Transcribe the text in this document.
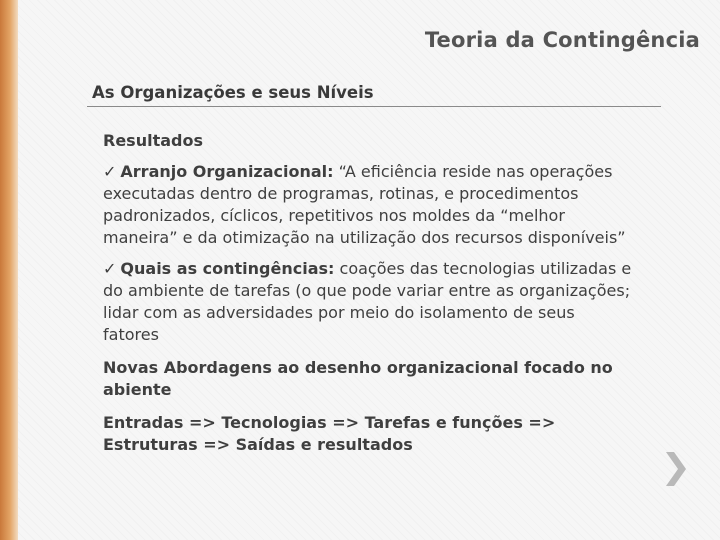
Teoria da Contingência
As Organizações e seus Níveis

Resultados

✓ Arranjo Organizacional: “A eficiência reside nas operações executadas dentro de programas, rotinas, e procedimentos padronizados, cíclicos, repetitivos nos moldes da “melhor maneira” e da otimização na utilização dos recursos disponíveis”

✓ Quais as contingências: coações das tecnologias utilizadas e do ambiente de tarefas (o que pode variar entre as organizações; lidar com as adversidades por meio do isolamento de seus fatores

Novas Abordagens ao desenho organizacional focado no abiente

Entradas => Tecnologias => Tarefas e funções => Estruturas => Saídas e resultados
